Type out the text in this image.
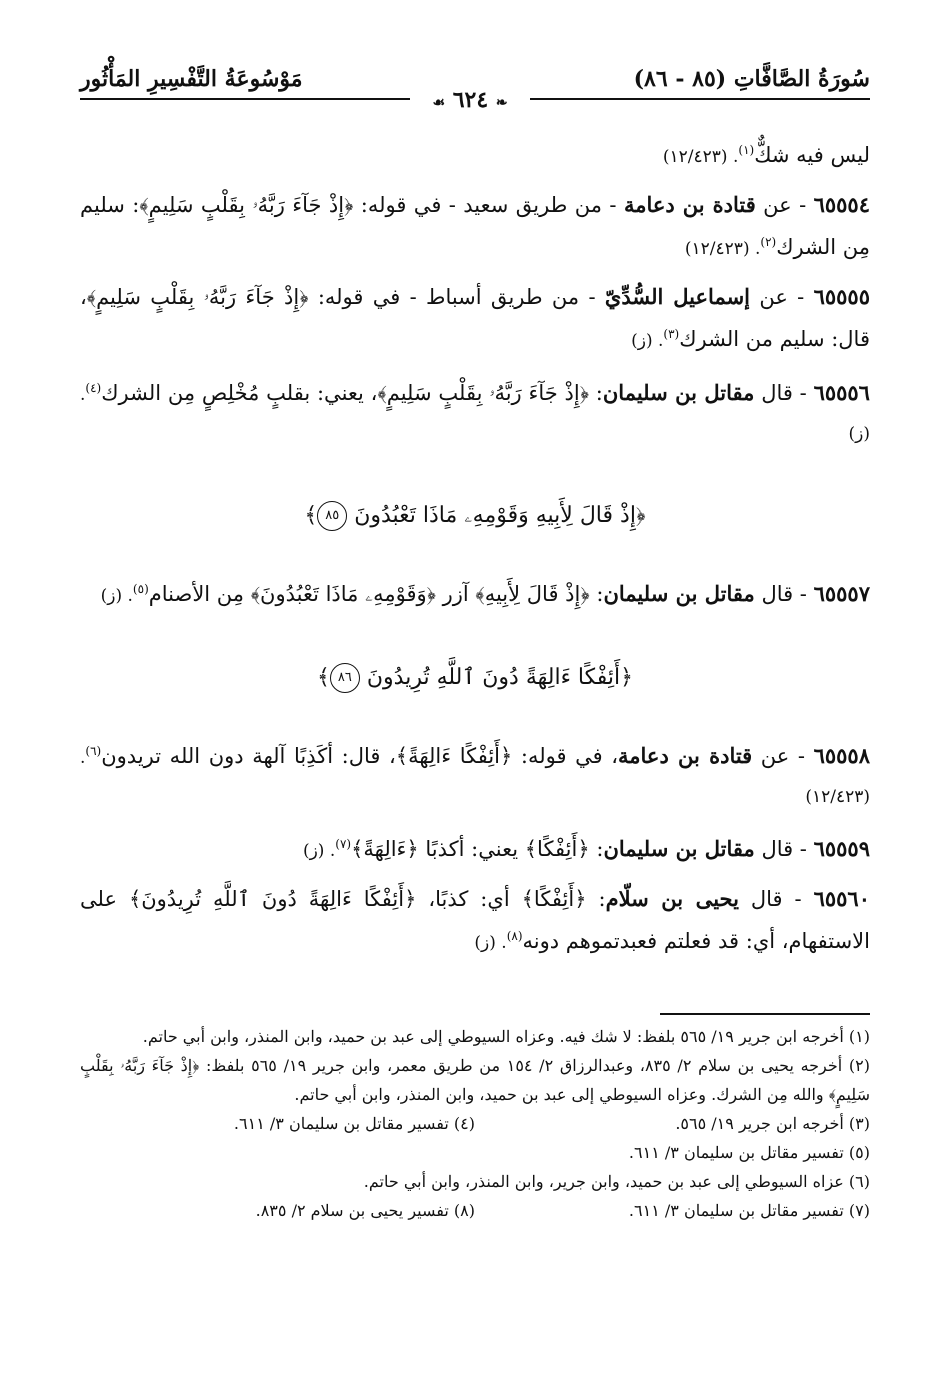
سُورَةُ الصَّافَّاتِ (٨٥ - ٨٦)
مَوْسُوعَةُ التَّفْسِيرِ المَأْثُور
❧ ٦٢٤ ☙

ليس فيه شكٌّ$^{(١)}$. (١٢/٤٢٣)

٦٥٥٥٤ - عن قتادة بن دعامة - من طريق سعيد - في قوله: ﴿إِذْ جَآءَ رَبَّهُۥ بِقَلْبٍ سَلِيمٍ﴾: سليم مِن الشرك$^{(٢)}$. (١٢/٤٢٣)

٦٥٥٥٥ - عن إسماعيل السُّدِّيّ - من طريق أسباط - في قوله: ﴿إِذْ جَآءَ رَبَّهُۥ بِقَلْبٍ سَلِيمٍ﴾، قال: سليم من الشرك$^{(٣)}$. (ز)

٦٥٥٥٦ - قال مقاتل بن سليمان: ﴿إِذْ جَآءَ رَبَّهُۥ بِقَلْبٍ سَلِيمٍ﴾، يعني: بقلبٍ مُخْلِصٍ مِن الشرك$^{(٤)}$. (ز)

﴿إِذْ قَالَ لِأَبِيهِ وَقَوْمِهِۦ مَاذَا تَعْبُدُونَ ٨٥﴾

٦٥٥٥٧ - قال مقاتل بن سليمان: ﴿إِذْ قَالَ لِأَبِيهِ﴾ آزر ﴿وَقَوْمِهِۦ مَاذَا تَعْبُدُونَ﴾ مِن الأصنام$^{(٥)}$. (ز)

﴿أَئِفْكًا ءَالِهَةً دُونَ ٱللَّهِ تُرِيدُونَ ٨٦﴾

٦٥٥٥٨ - عن قتادة بن دعامة، في قوله: ﴿أَئِفْكًا ءَالِهَةً﴾، قال: أكَذِبًا آلهة دون الله تريدون$^{(٦)}$. (١٢/٤٢٣)

٦٥٥٥٩ - قال مقاتل بن سليمان: ﴿أَئِفْكًا﴾ يعني: أكذبًا ﴿ءَالِهَةً﴾$^{(٧)}$. (ز)

٦٥٥٦٠ - قال يحيى بن سلّام: ﴿أَئِفْكًا﴾ أي: كذبًا، ﴿أَئِفْكًا ءَالِهَةً دُونَ ٱللَّهِ تُرِيدُونَ﴾ على الاستفهام، أي: قد فعلتم فعبدتموهم دونه$^{(٨)}$. (ز)

(١) أخرجه ابن جرير ١٩/ ٥٦٥ بلفظ: لا شك فيه. وعزاه السيوطي إلى عبد بن حميد، وابن المنذر، وابن أبي حاتم.

(٢) أخرجه يحيى بن سلام ٢/ ٨٣٥، وعبدالرزاق ٢/ ١٥٤ من طريق معمر، وابن جرير ١٩/ ٥٦٥ بلفظ: ﴿إِذْ جَآءَ رَبَّهُۥ بِقَلْبٍ سَلِيمٍ﴾ والله مِن الشرك. وعزاه السيوطي إلى عبد بن حميد، وابن المنذر، وابن أبي حاتم.

(٣) أخرجه ابن جرير ١٩/ ٥٦٥.

(٤) تفسير مقاتل بن سليمان ٣/ ٦١١.

(٥) تفسير مقاتل بن سليمان ٣/ ٦١١.

(٦) عزاه السيوطي إلى عبد بن حميد، وابن جرير، وابن المنذر، وابن أبي حاتم.

(٧) تفسير مقاتل بن سليمان ٣/ ٦١١.

(٨) تفسير يحيى بن سلام ٢/ ٨٣٥.
